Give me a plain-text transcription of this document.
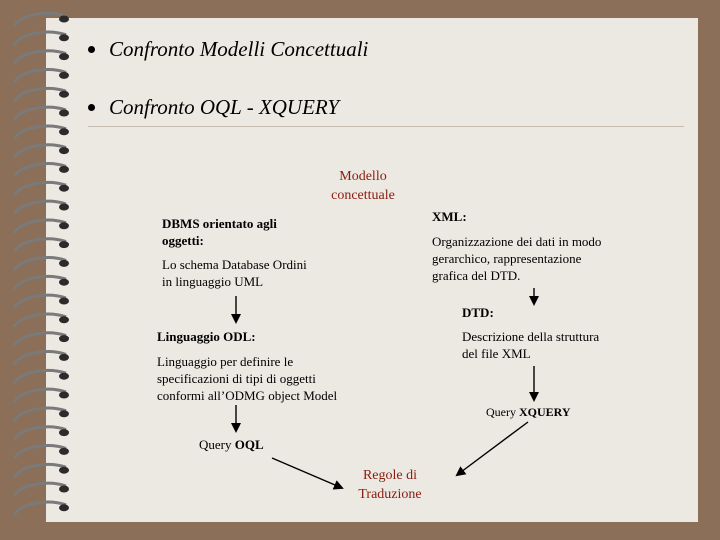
Confronto Modelli Concettuali
Confronto OQL - XQUERY
Modello
concettuale
DBMS orientato agli
oggetti:
Lo schema Database Ordini
in linguaggio UML
Linguaggio ODL:
Linguaggio per definire le
specificazioni di tipi di oggetti
conformi all’ODMG object Model
Query OQL
XML:
Organizzazione dei dati in modo
gerarchico, rappresentazione
grafica del DTD.
DTD:
Descrizione della struttura
del file XML
Query XQUERY
Regole di
Traduzione
